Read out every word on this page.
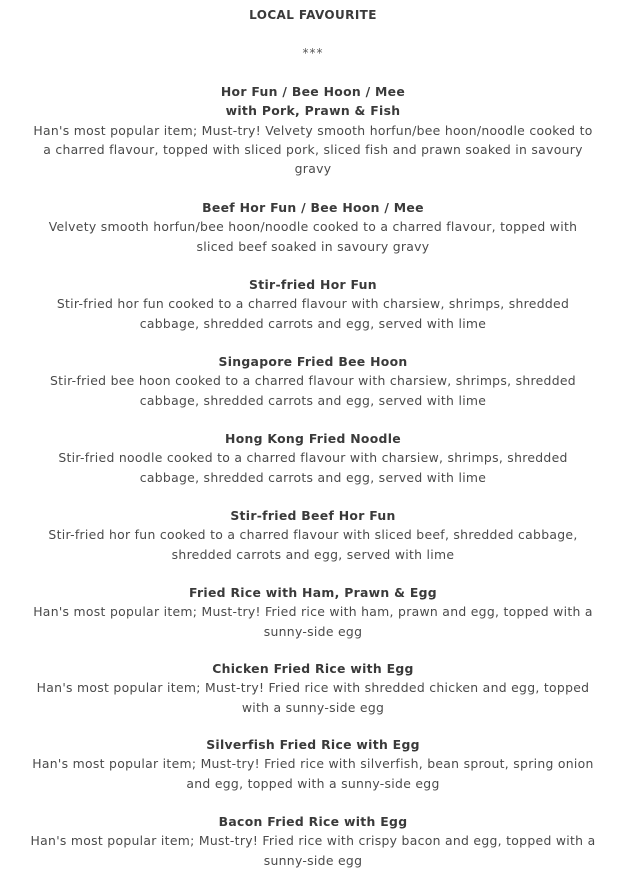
LOCAL FAVOURITE
***
Hor Fun / Bee Hoon / Mee
with Pork, Prawn & Fish
Han's most popular item; Must-try! Velvety smooth horfun/bee hoon/noodle cooked to
a charred flavour, topped with sliced pork, sliced fish and prawn soaked in savoury
gravy
Beef Hor Fun / Bee Hoon / Mee
Velvety smooth horfun/bee hoon/noodle cooked to a charred flavour, topped with
sliced beef soaked in savoury gravy
Stir-fried Hor Fun
Stir-fried hor fun cooked to a charred flavour with charsiew, shrimps, shredded
cabbage, shredded carrots and egg, served with lime
Singapore Fried Bee Hoon
Stir-fried bee hoon cooked to a charred flavour with charsiew, shrimps, shredded
cabbage, shredded carrots and egg, served with lime
Hong Kong Fried Noodle
Stir-fried noodle cooked to a charred flavour with charsiew, shrimps, shredded
cabbage, shredded carrots and egg, served with lime
Stir-fried Beef Hor Fun
Stir-fried hor fun cooked to a charred flavour with sliced beef, shredded cabbage,
shredded carrots and egg, served with lime
Fried Rice with Ham, Prawn & Egg
Han's most popular item; Must-try! Fried rice with ham, prawn and egg, topped with a
sunny-side egg
Chicken Fried Rice with Egg
Han's most popular item; Must-try! Fried rice with shredded chicken and egg, topped
with a sunny-side egg
Silverfish Fried Rice with Egg
Han's most popular item; Must-try! Fried rice with silverfish, bean sprout, spring onion
and egg, topped with a sunny-side egg
Bacon Fried Rice with Egg
Han's most popular item; Must-try! Fried rice with crispy bacon and egg, topped with a
sunny-side egg
